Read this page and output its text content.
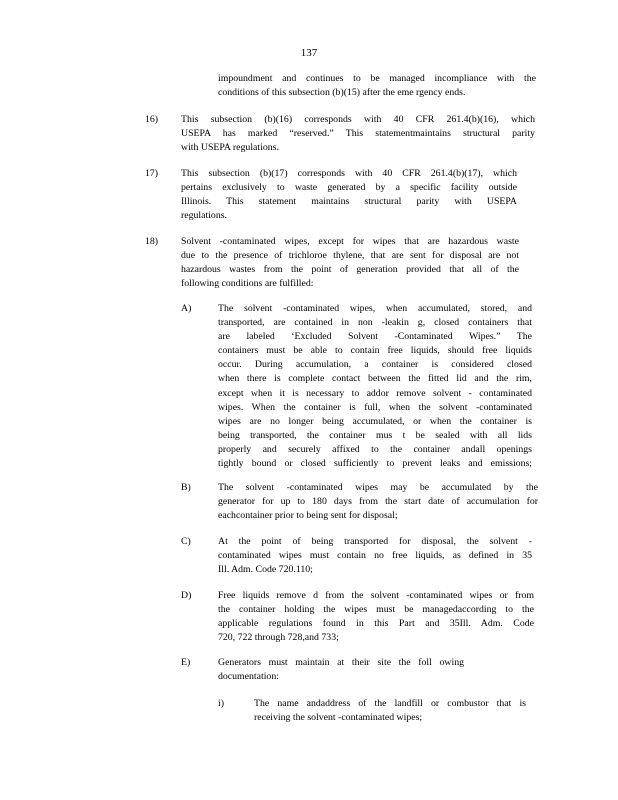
137
impoundment and continues to be managed incompliance with the
conditions of this subsection (b)(15) after the eme rgency ends.
16) This subsection (b)(16) corresponds with 40 CFR 261.4(b)(16), which
USEPA has marked “reserved.” This statementmaintains structural parity
with USEPA regulations.
17) This subsection (b)(17) corresponds with 40 CFR 261.4(b)(17), which
pertains exclusively to waste generated by a specific facility outside
Illinois. This statement maintains structural parity with USEPA
regulations.
18) Solvent -contaminated wipes, except for wipes that are hazardous waste
due to the presence of trichloroe thylene, that are sent for disposal are not
hazardous wastes from the point of generation provided that all of the
following conditions are fulfilled:
A)	The solvent -contaminated wipes, when accumulated, stored, and
transported, are contained in non -leakin g, closed containers that
are labeled ‘Excluded Solvent -Contaminated Wipes.” The
containers must be able to contain free liquids, should free liquids
occur. During accumulation, a container is considered closed
when there is complete contact between the fitted lid and the rim,
except when it is necessary to addor remove solvent - contaminated
wipes. When the container is full, when the solvent -contaminated
wipes are no longer being accumulated, or when the container is
being transported, the container mus t be sealed with all lids
properly and securely affixed to the container andall openings
tightly bound or closed sufficiently to prevent leaks and emissions;
B)	The solvent -contaminated wipes may be accumulated by the
generator for up to 180 days from the start date of accumulation for
eachcontainer prior to being sent for disposal;
C)	At the point of being transported for disposal, the solvent -
contaminated wipes must contain no free liquids, as defined in 35
Ill. Adm. Code 720.110;
D)	Free liquids remove d from the solvent -contaminated wipes or from
the container holding the wipes must be managedaccording to the
applicable regulations found in this Part and 35Ill. Adm. Code
720, 722 through 728,and 733;
E)	Generators must maintain at their site the foll owing
documentation:
i)	The name andaddress of the landfill or combustor that is
receiving the solvent -contaminated wipes;
